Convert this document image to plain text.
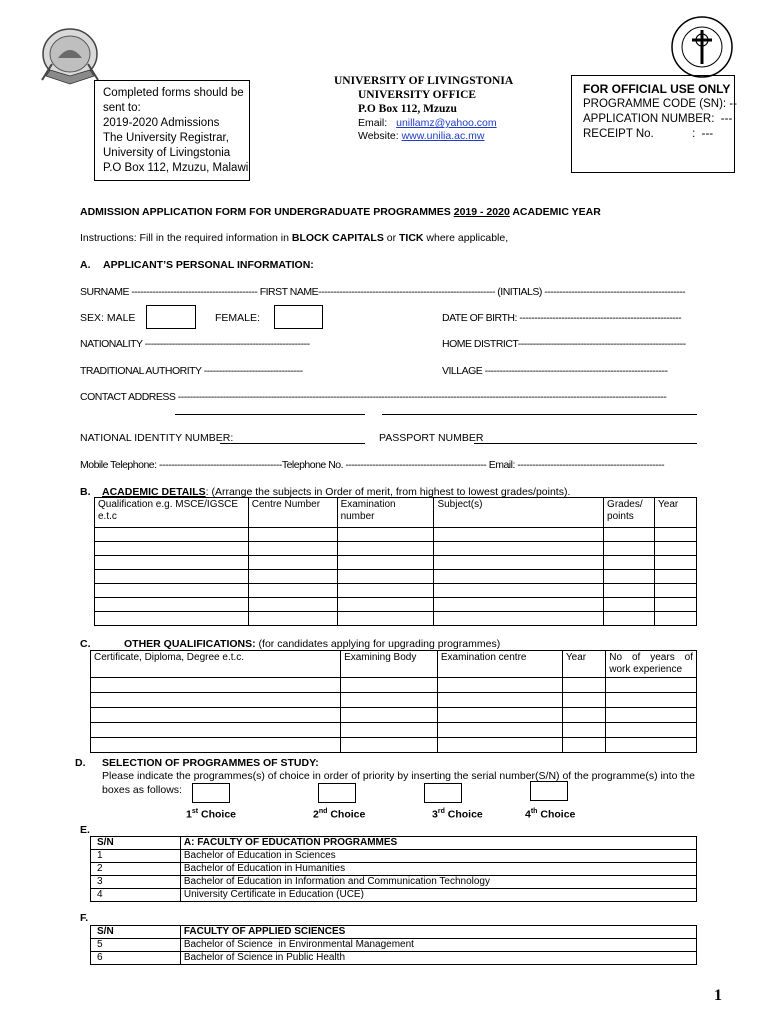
Completed forms should be
sent to:
2019-2020 Admissions
The University Registrar,
University of Livingstonia
P.O Box 112, Mzuzu, Malawi
UNIVERSITY OF LIVINGSTONIA
UNIVERSITY OFFICE
P.O Box 112, Mzuzu
Email: unillamz@yahoo.com
Website: www.unilia.ac.mw
FOR OFFICIAL USE ONLY
PROGRAMME CODE (SN): --
APPLICATION NUMBER:  ---
RECEIPT No.            :  ---
ADMISSION APPLICATION FORM FOR UNDERGRADUATE PROGRAMMES 2019 - 2020 ACADEMIC YEAR
Instructions: Fill in the required information in BLOCK CAPITALS or TICK where applicable,
A. APPLICANT’S PERSONAL INFORMATION:
SURNAME ------------------------------------------ FIRST NAME----------------------------------------------------------- (INITIALS) -----------------------------------------------
SEX: MALE	FEMALE:	DATE OF BIRTH: ------------------------------------------------------
NATIONALITY -------------------------------------------------------	HOME DISTRICT--------------------------------------------------------
TRADITIONAL AUTHORITY ---------------------------------	VILLAGE -------------------------------------------------------------
CONTACT ADDRESS -------------------------------------------------------------------------------------------------------------------------------------------------------------------
NATIONAL IDENTITY NUMBER:	PASSPORT NUMBER
Mobile Telephone: -----------------------------------------Telephone No. ----------------------------------------------- Email: -------------------------------------------------
B. ACADEMIC DETAILS: (Arrange the subjects in Order of merit, from highest to lowest grades/points).
Qualification e.g. MSCE/IGSCE e.t.c	Centre Number	Examination number	Subject(s)	Grades/ points	Year

C.	OTHER QUALIFICATIONS: (for candidates applying for upgrading programmes)
Certificate, Diploma, Degree e.t.c.	Examining Body	Examination centre	Year	No of years of work experience

D. SELECTION OF PROGRAMMES OF STUDY:
Please indicate the programmes(s) of choice in order of priority by inserting the serial number(S/N) of the programme(s) into the
boxes as follows:
1st Choice	2nd Choice	3rd Choice	4th Choice
E.
S/N	A: FACULTY OF EDUCATION PROGRAMMES
1	Bachelor of Education in Sciences
2	Bachelor of Education in Humanities
3	Bachelor of Education in Information and Communication Technology
4	University Certificate in Education (UCE)
F.
S/N	FACULTY OF APPLIED SCIENCES
5	Bachelor of Science  in Environmental Management
6	Bachelor of Science in Public Health
1
